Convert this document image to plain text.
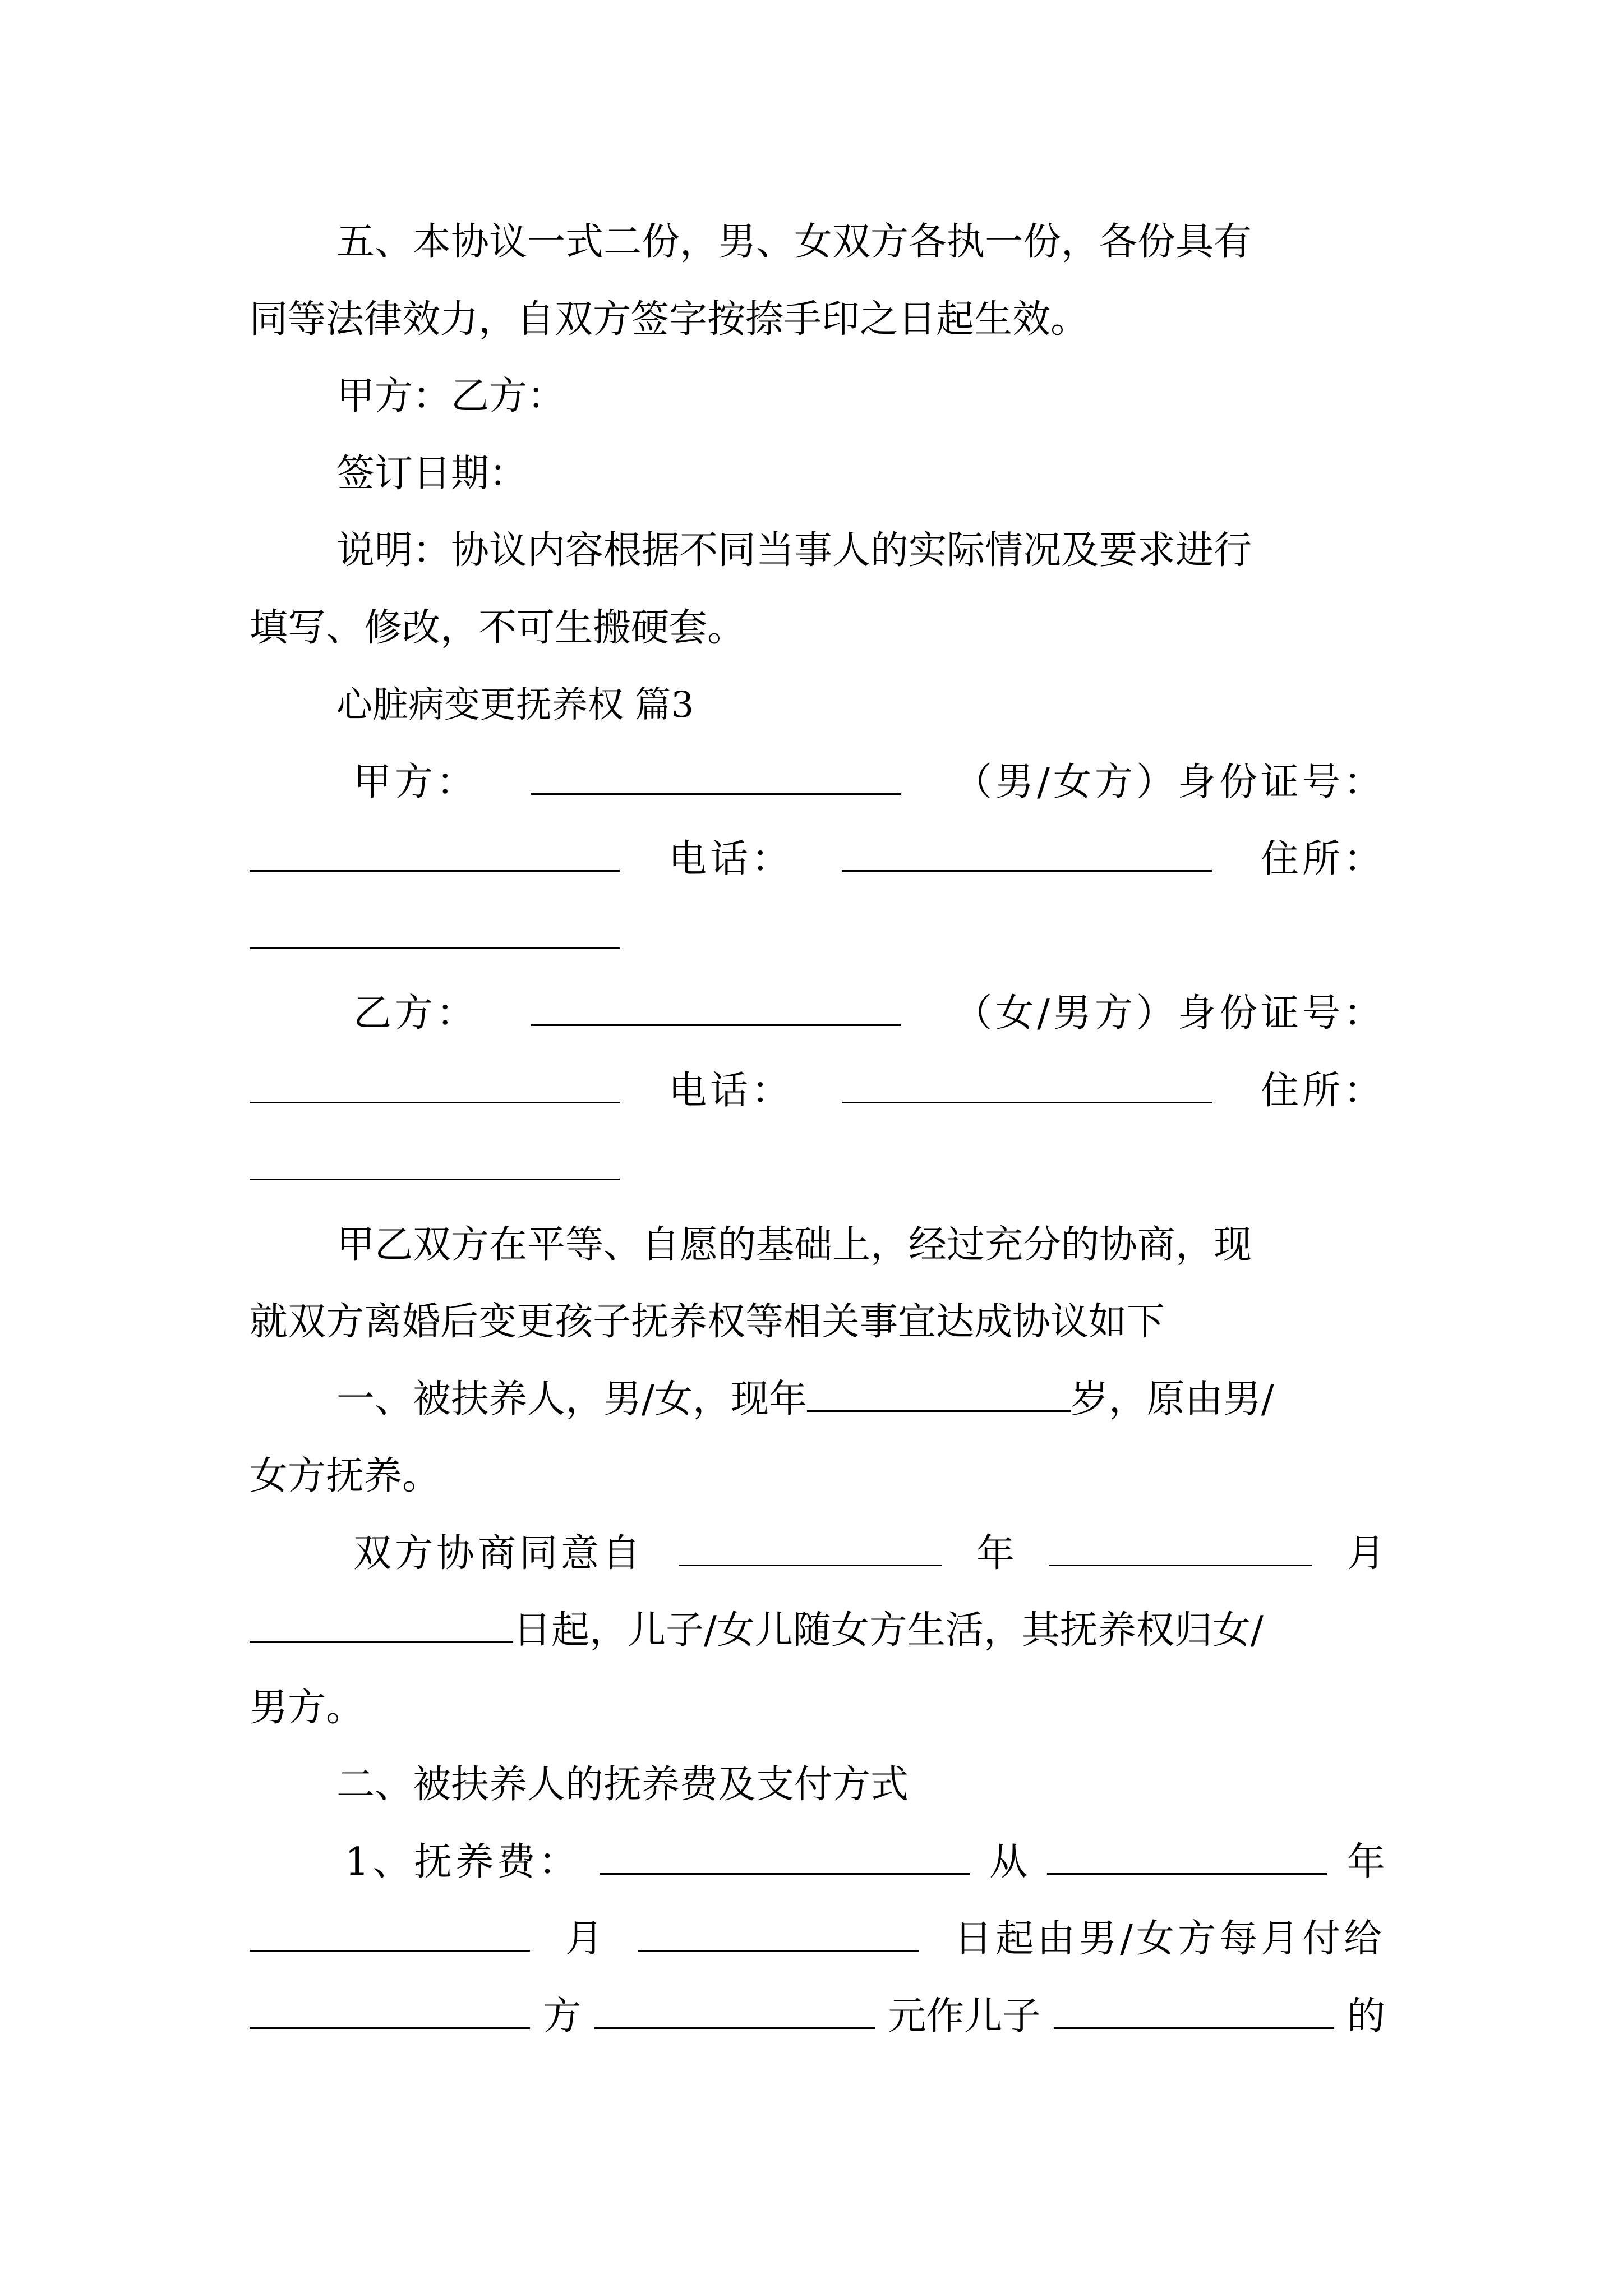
五、本协议一式二份，男、女双方各执一份，各份具有
同等法律效力，自双方签字按捺手印之日起生效。
甲方：乙方：
签订日期：
说明：协议内容根据不同当事人的实际情况及要求进行
填写、修改，不可生搬硬套。
心脏病变更抚养权 篇3
甲方：	（男/女方）身份证号：
电话：	住所：
乙方：	（女/男方）身份证号：
电话：	住所：
甲乙双方在平等、自愿的基础上，经过充分的协商，现
就双方离婚后变更孩子抚养权等相关事宜达成协议如下
一、被扶养人，男/女，现年	岁，原由男/
女方抚养。
双方协商同意自	年	月
日起，儿子/女儿随女方生活，其抚养权归女/
男方。
二、被扶养人的抚养费及支付方式
1、抚养费：	从	年
月	日起由男/女方每月付给
方	元作儿子	的
